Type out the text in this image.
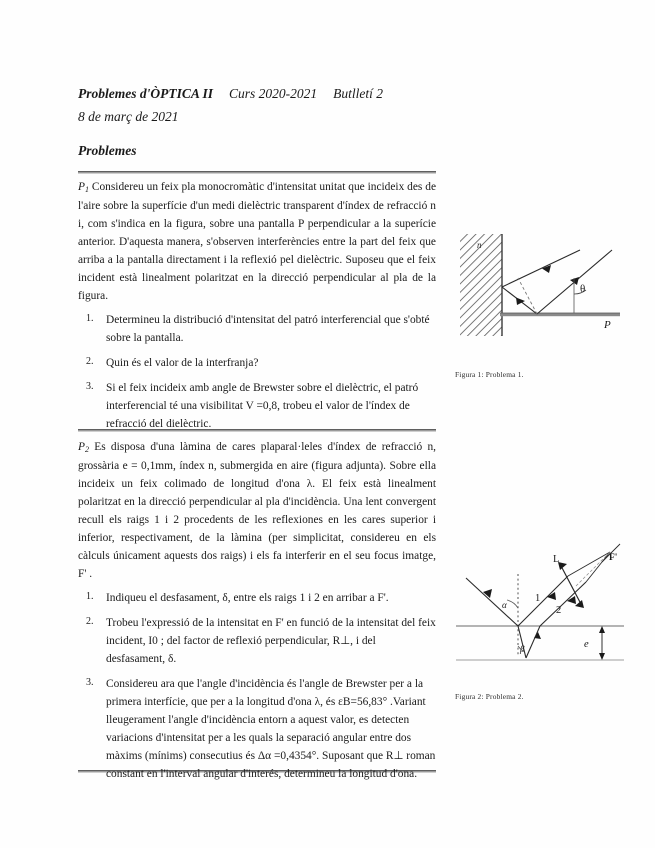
Problemes d'ÒPTICA II Curs 2020-2021 Butlletí 2
8 de març de 2021
Problemes

$P_1$ Considereu un feix pla monocromàtic d'intensitat unitat que incideix des de l'aire sobre la superfície d'un medi dielèctric transparent d'índex de refracció n i, com s'indica en la figura, sobre una pantalla P perpendicular a la superície anterior. D'aquesta manera, s'observen interferències entre la part del feix que arriba a la pantalla directament i la reflexió pel dielèctric. Suposeu que el feix incident està linealment polaritzat en la direcció perpendicular al pla de la figura.

Determineu la distribució d'intensitat del patró interferencial que s'obté sobre la pantalla.
Quin és el valor de la interfranja?
Si el feix incideix amb angle de Brewster sobre el dielèctric, el patró interferencial té una visibilitat V =0,8, trobeu el valor de l'índex de refracció del dielèctric.

$P_2$ Es disposa d'una làmina de cares plaparal·leles d'índex de refracció n, grossària e = 0,1mm, índex n, submergida en aire (figura adjunta). Sobre ella incideix un feix colimado de longitud d'ona λ. El feix està linealment polaritzat en la direcció perpendicular al pla d'incidència. Una lent convergent recull els raigs 1 i 2 procedents de les reflexiones en les cares superior i inferior, respectivament, de la làmina (per simplicitat, considereu en els càlculs únicament aquests dos raigs) i els fa interferir en el seu focus imatge, F' .

Indiqueu el desfasament, δ, entre els raigs 1 i 2 en arribar a F'.
Trobeu l'expressió de la intensitat en F' en funció de la intensitat del feix incident, I0 ; del factor de reflexió perpendicular, R⊥, i del desfasament, δ.
Considereu ara que l'angle d'incidència és l'angle de Brewster per a la primera interfície, que per a la longitud d'ona λ, és εB=56,83° .Variant lleugerament l'angle d'incidència entorn a aquest valor, es detecten variacions d'intensitat per a les quals la separació angular entre dos màxims (mínims) consecutius és Δα =0,4354°. Suposant que R⊥ roman constant en l'interval angular d'interés, determineu la longitud d'ona.
n
P
θ
Figura 1: Problema 1.
α
1
β
2
L	F'
e
Figura 2: Problema 2.
